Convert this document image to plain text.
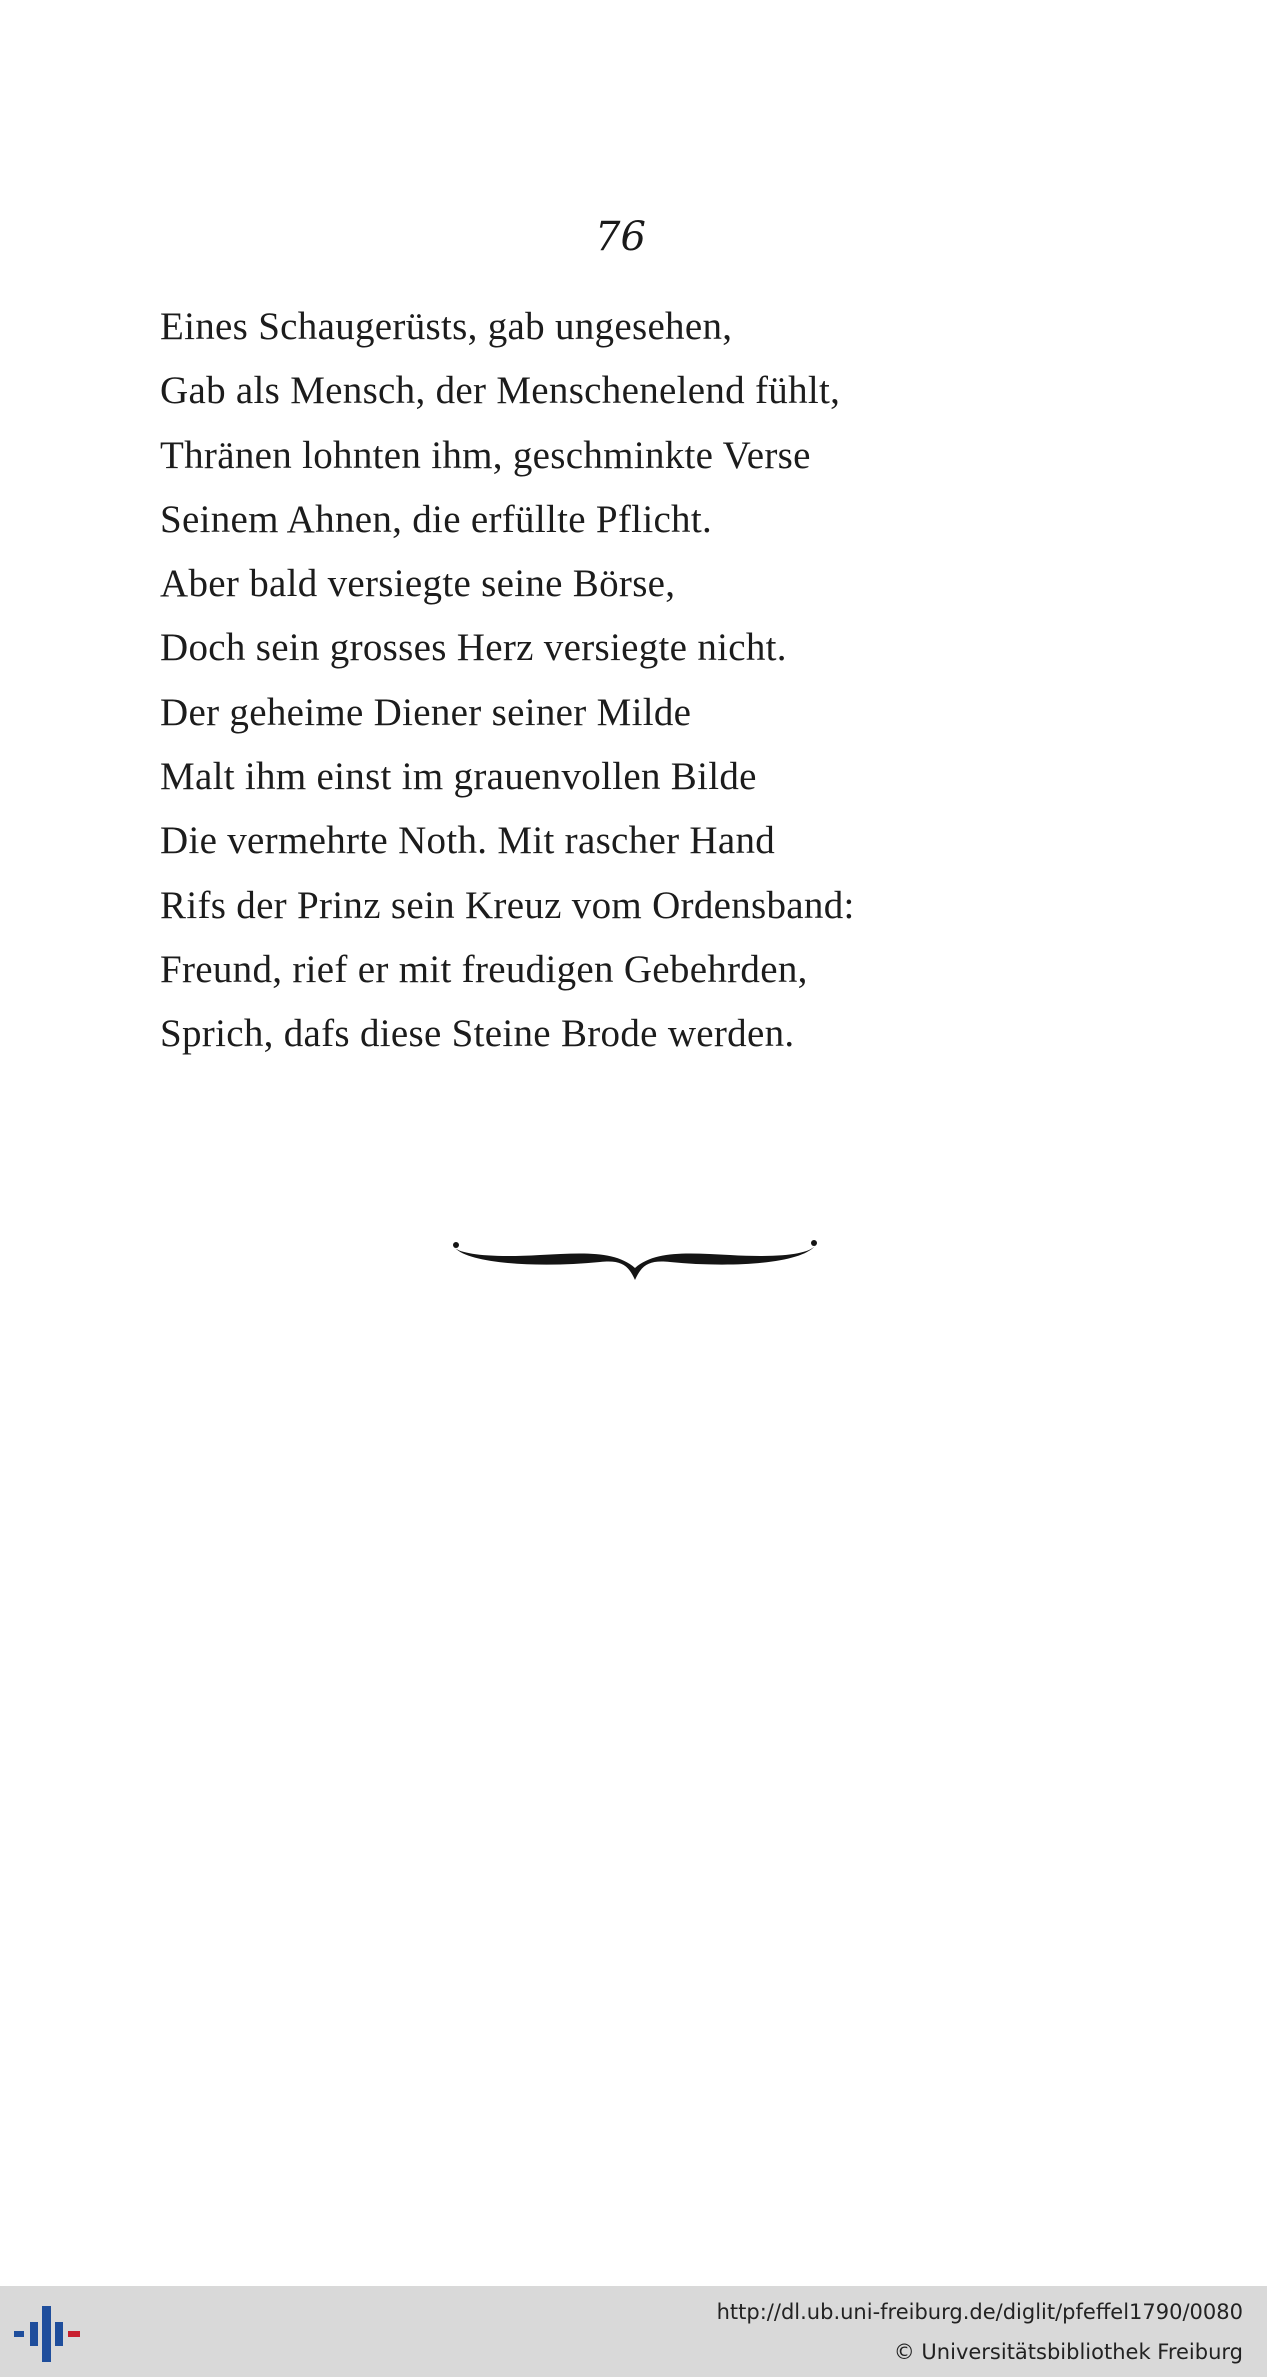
76
Eines Schaugerüsts, gab ungesehen,
Gab als Mensch, der Menschenelend fühlt,
Thränen lohnten ihm, geschminkte Verse
Seinem Ahnen, die erfüllte Pflicht.
Aber bald versiegte seine Börse,
Doch sein grosses Herz versiegte nicht.
Der geheime Diener seiner Milde
Malt ihm einst im grauenvollen Bilde
Die vermehrte Noth. Mit rascher Hand
Rifs der Prinz sein Kreuz vom Ordensband:
Freund, rief er mit freudigen Gebehrden,
Sprich, dafs diese Steine Brode werden.
http://dl.ub.uni-freiburg.de/diglit/pfeffel1790/0080
© Universitätsbibliothek Freiburg
